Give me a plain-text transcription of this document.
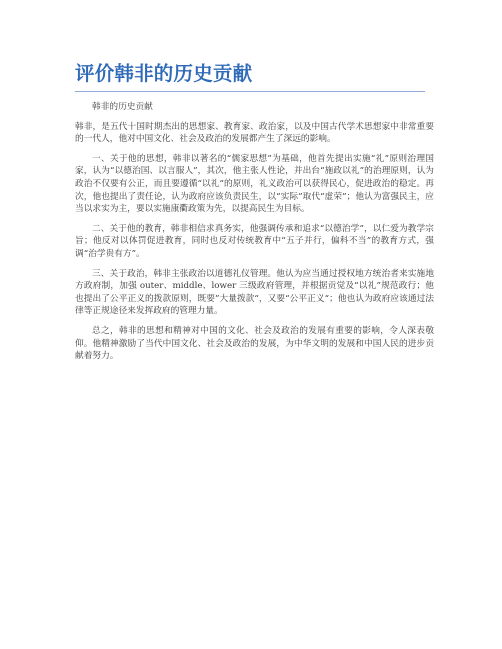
评价韩非的历史贡献

韩非的历史贡献

韩非，是五代十国时期杰出的思想家、教育家、政治家，以及中国古代学术思想家中非常重要的一代人，他对中国文化、社会及政治的发展都产生了深远的影响。

一、关于他的思想，韩非以著名的“儒家思想”为基础，他首先提出实施“礼”原则治理国家，认为“以德治国、以言服人”，其次，他主张人性论，并出台“施政以礼”的治理原则，认为政治不仅要有公正，而且要遵循“以礼”的原则，礼义政治可以获得民心，促进政治的稳定。再次，他也提出了责任论，认为政府应该负责民生，以“实际”取代“虚荣”；他认为富强民主，应当以求实为主，要以实施康衢政策为先，以提高民生为目标。

二、关于他的教育，韩非相信求真务实，他强调传承和追求“以德治学”，以仁爱为教学宗旨；他反对以体罚促进教育，同时也反对传统教育中“五子并行，偏科不当”的教育方式，强调“治学贵有方”。

三、关于政治，韩非主张政治以道德礼仪管理。他认为应当通过授权地方统治者来实施地方政府制，加强 outer、middle、lower 三级政府管理，并根据贡觉及“以礼”规范政行；他也提出了公平正义的拨款原则，既要”大量拨款“，又要“公平正义“；他也认为政府应该通过法律等正规途径来发挥政府的管理力量。

总之，韩非的思想和精神对中国的文化、社会及政治的发展有重要的影响，令人深表敬仰。他精神激励了当代中国文化、社会及政治的发展，为中华文明的发展和中国人民的进步贡献着努力。
